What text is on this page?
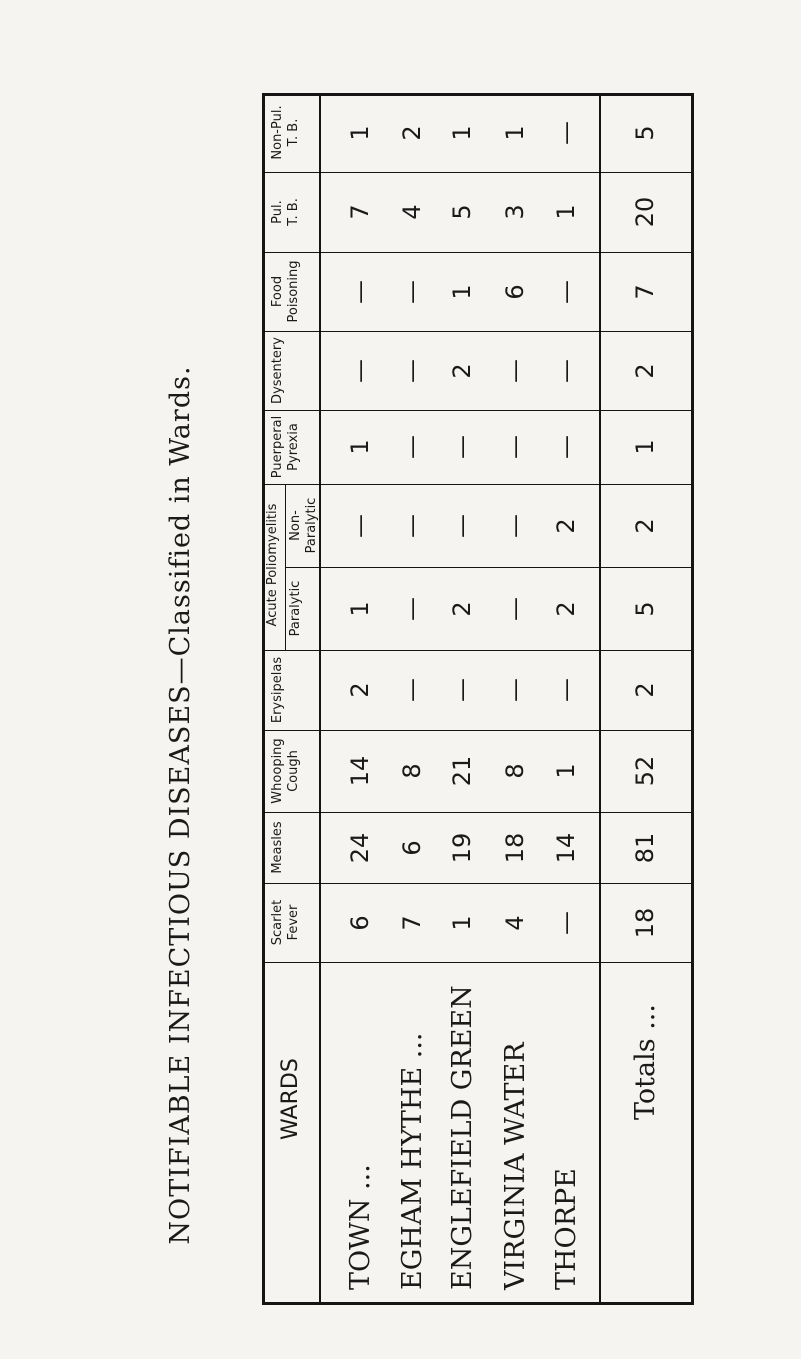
NOTIFIABLE INFECTIOUS DISEASES—Classified in Wards.	WARDS
Acute Poliomyelitis
Scarlet
Fever
Measles
Whooping
Cough
Erysipelas
Paralytic
Non-
Paralytic
Puerperal
Pyrexia
Dysentery
Food
Poisoning
Pul.
T. B.
Non-Pul.
T. B.
TOWN ...
6
24
14
2
1
—
1
—
—
7
1
EGHAM HYTHE ...
7
6
8
—
—
—
—
—
—
4
2
ENGLEFIELD GREEN
1
19
21
—
2
—
—
2
1
5
1
VIRGINIA WATER
4
18
8
—
—
—
—
—
6
3
1
THORPE
—
14
1
—
2
2
—
—
—
1
—
Totals ...
18
81
52
2
5
2
1
2
7
20
5
